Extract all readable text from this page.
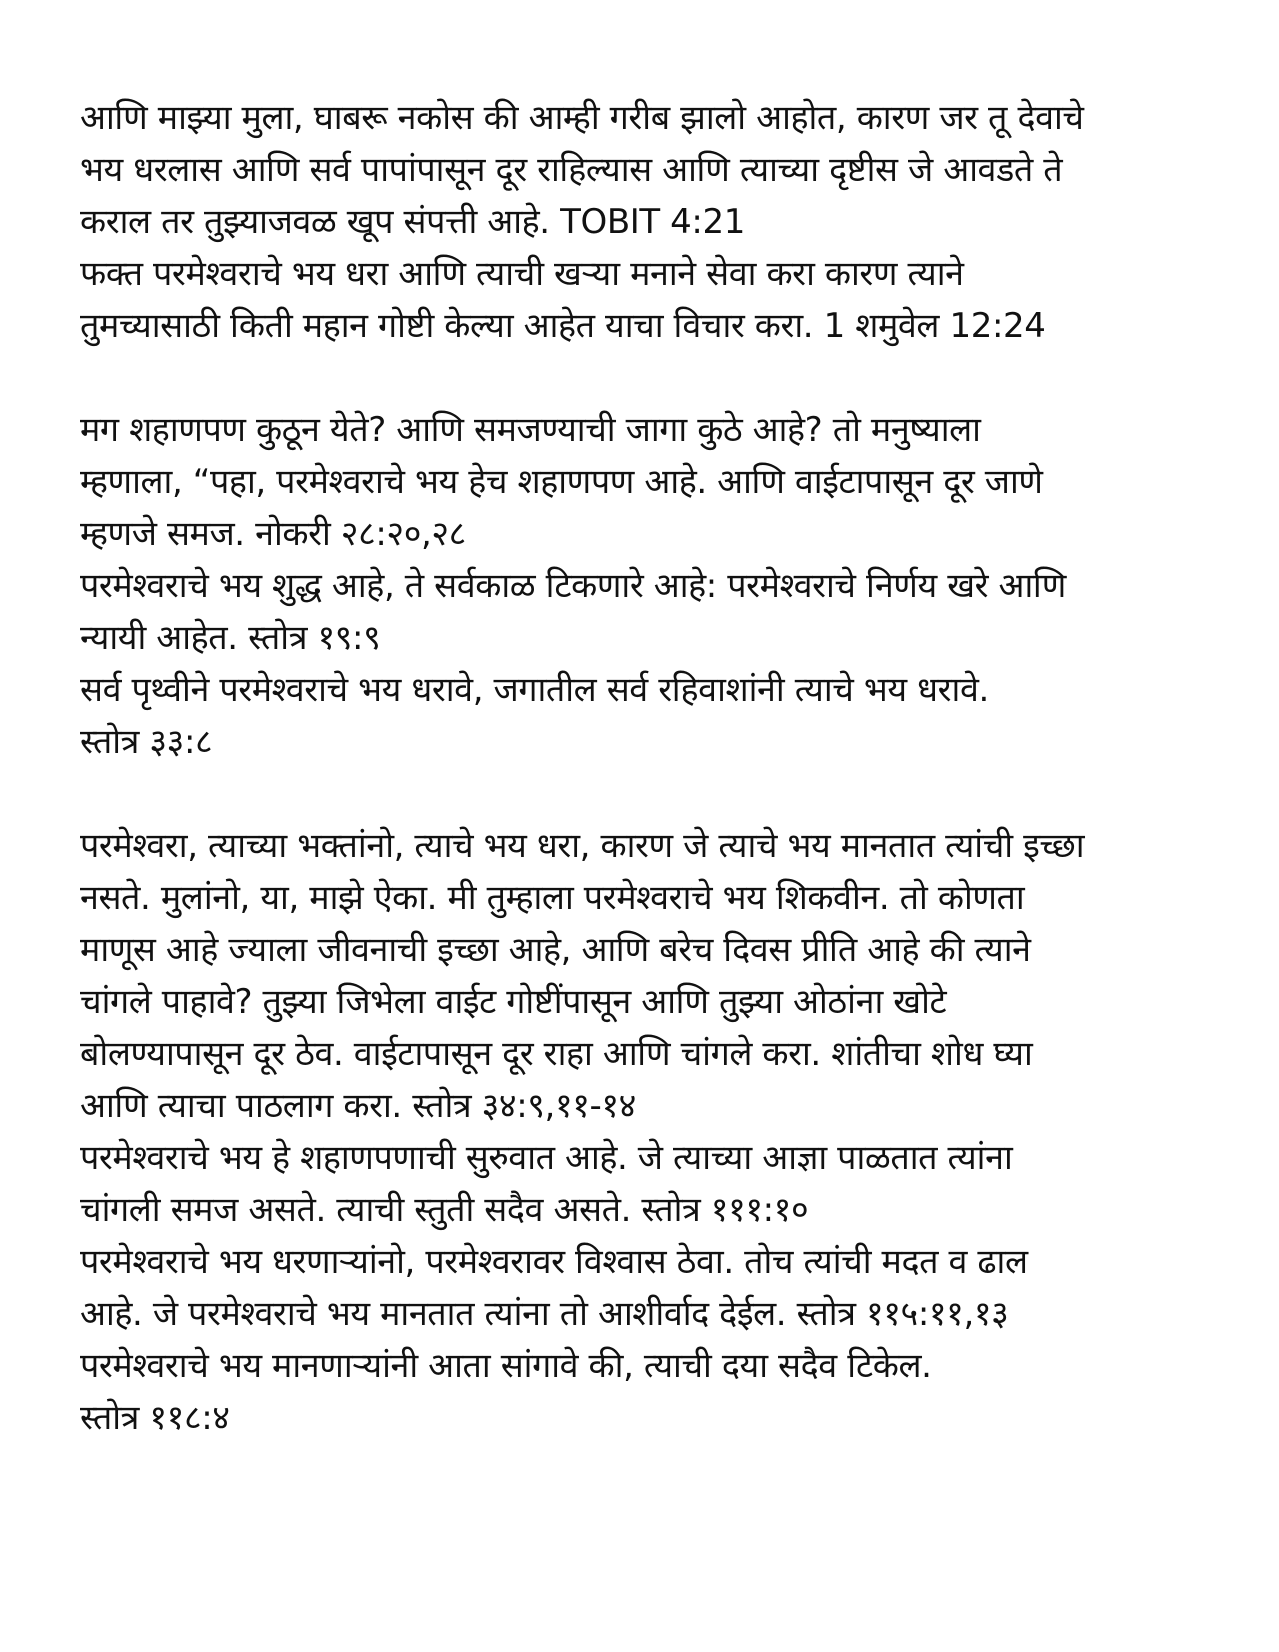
आणि माझ्या मुला, घाबरू नकोस की आम्ही गरीब झालो आहोत, कारण जर तू देवाचे
भय धरलास आणि सर्व पापांपासून दूर राहिल्यास आणि त्याच्या दृष्टीस जे आवडते ते
कराल तर तुझ्याजवळ खूप संपत्ती आहे. TOBIT 4:21
फक्त परमेश्वराचे भय धरा आणि त्याची खऱ्या मनाने सेवा करा कारण त्याने
तुमच्यासाठी किती महान गोष्टी केल्या आहेत याचा विचार करा. 1 शमुवेल 12:24
मग शहाणपण कुठून येते? आणि समजण्याची जागा कुठे आहे? तो मनुष्याला
म्हणाला, “पहा, परमेश्वराचे भय हेच शहाणपण आहे. आणि वाईटापासून दूर जाणे
म्हणजे समज. नोकरी २८:२०,२८
परमेश्वराचे भय शुद्ध आहे, ते सर्वकाळ टिकणारे आहे: परमेश्वराचे निर्णय खरे आणि
न्यायी आहेत. स्तोत्र १९:९
सर्व पृथ्वीने परमेश्वराचे भय धरावे, जगातील सर्व रहिवाशांनी त्याचे भय धरावे.
स्तोत्र ३३:८
परमेश्वरा, त्याच्या भक्तांनो, त्याचे भय धरा, कारण जे त्याचे भय मानतात त्यांची इच्छा
नसते. मुलांनो, या, माझे ऐका. मी तुम्हाला परमेश्वराचे भय शिकवीन. तो कोणता
माणूस आहे ज्याला जीवनाची इच्छा आहे, आणि बरेच दिवस प्रीति आहे की त्याने
चांगले पाहावे? तुझ्या जिभेला वाईट गोष्टींपासून आणि तुझ्या ओठांना खोटे
बोलण्यापासून दूर ठेव. वाईटापासून दूर राहा आणि चांगले करा. शांतीचा शोध घ्या
आणि त्याचा पाठलाग करा. स्तोत्र ३४:९,११-१४
परमेश्वराचे भय हे शहाणपणाची सुरुवात आहे. जे त्याच्या आज्ञा पाळतात त्यांना
चांगली समज असते. त्याची स्तुती सदैव असते. स्तोत्र १११:१०
परमेश्वराचे भय धरणाऱ्यांनो, परमेश्वरावर विश्वास ठेवा. तोच त्यांची मदत व ढाल
आहे. जे परमेश्वराचे भय मानतात त्यांना तो आशीर्वाद देईल. स्तोत्र ११५:११,१३
परमेश्वराचे भय मानणाऱ्यांनी आता सांगावे की, त्याची दया सदैव टिकेल.
स्तोत्र ११८:४
